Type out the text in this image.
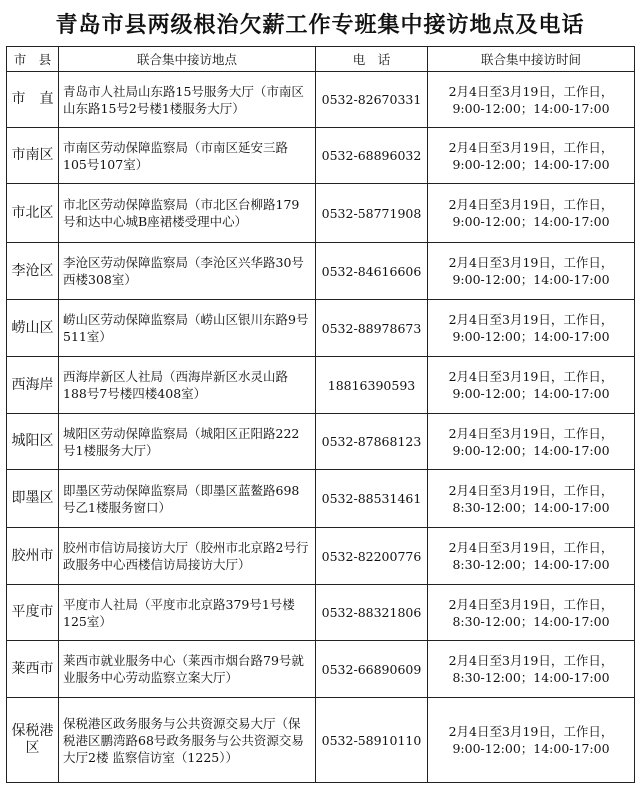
青岛市县两级根治欠薪工作专班集中接访地点及电话
市　县	联合集中接访地点	电　话	联合集中接访时间
市　直	青岛市人社局山东路15号服务大厅（市南区山东路15号2号楼1楼服务大厅）	0532-82670331	2月4日至3月19日，工作日，
9:00-12:00；14:00-17:00

市南区	市南区劳动保障监察局（市南区延安三路105号107室）	0532-68896032	2月4日至3月19日，工作日，
9:00-12:00；14:00-17:00

市北区	市北区劳动保障监察局（市北区台柳路179号和达中心城B座裙楼受理中心）	0532-58771908	2月4日至3月19日，工作日，
9:00-12:00；14:00-17:00

李沧区	李沧区劳动保障监察局（李沧区兴华路30号西楼308室）	0532-84616606	2月4日至3月19日，工作日，
9:00-12:00；14:00-17:00

崂山区	崂山区劳动保障监察局（崂山区银川东路9号511室）	0532-88978673	2月4日至3月19日，工作日，
9:00-12:00；14:00-17:00

西海岸	西海岸新区人社局（西海岸新区水灵山路188号7号楼四楼408室）	18816390593	2月4日至3月19日，工作日，
9:00-12:00；14:00-17:00

城阳区	城阳区劳动保障监察局（城阳区正阳路222号1楼服务大厅）	0532-87868123	2月4日至3月19日，工作日，
9:00-12:00；14:00-17:00

即墨区	即墨区劳动保障监察局（即墨区蓝鳌路698号乙1楼服务窗口）	0532-88531461	2月4日至3月19日，工作日，
8:30-12:00；14:00-17:00

胶州市	胶州市信访局接访大厅（胶州市北京路2号行政服务中心西楼信访局接访大厅）	0532-82200776	2月4日至3月19日，工作日，
8:30-12:00；14:00-17:00

平度市	平度市人社局（平度市北京路379号1号楼125室）	0532-88321806	2月4日至3月19日，工作日，
8:30-12:00；14:00-17:00

莱西市	莱西市就业服务中心（莱西市烟台路79号就业服务中心劳动监察立案大厅）	0532-66890609	2月4日至3月19日，工作日，
8:30-12:00；14:00-17:00

保税港区	保税港区政务服务与公共资源交易大厅（保税港区鹏湾路68号政务服务与公共资源交易大厅2楼 监察信访室（1225））	0532-58910110	2月4日至3月19日，工作日，
9:00-12:00；14:00-17:00
